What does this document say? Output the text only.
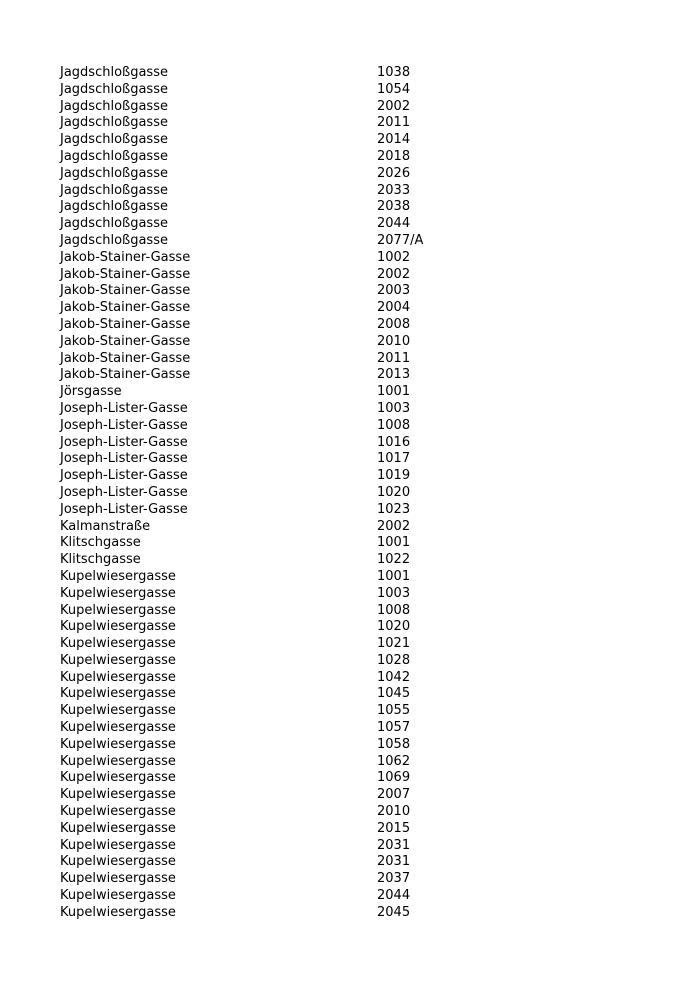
Jagdschloßgasse	1038
Jagdschloßgasse	1054
Jagdschloßgasse	2002
Jagdschloßgasse	2011
Jagdschloßgasse	2014
Jagdschloßgasse	2018
Jagdschloßgasse	2026
Jagdschloßgasse	2033
Jagdschloßgasse	2038
Jagdschloßgasse	2044
Jagdschloßgasse	2077/A
Jakob-Stainer-Gasse	1002
Jakob-Stainer-Gasse	2002
Jakob-Stainer-Gasse	2003
Jakob-Stainer-Gasse	2004
Jakob-Stainer-Gasse	2008
Jakob-Stainer-Gasse	2010
Jakob-Stainer-Gasse	2011
Jakob-Stainer-Gasse	2013
Jörsgasse	1001
Joseph-Lister-Gasse	1003
Joseph-Lister-Gasse	1008
Joseph-Lister-Gasse	1016
Joseph-Lister-Gasse	1017
Joseph-Lister-Gasse	1019
Joseph-Lister-Gasse	1020
Joseph-Lister-Gasse	1023
Kalmanstraße	2002
Klitschgasse	1001
Klitschgasse	1022
Kupelwiesergasse	1001
Kupelwiesergasse	1003
Kupelwiesergasse	1008
Kupelwiesergasse	1020
Kupelwiesergasse	1021
Kupelwiesergasse	1028
Kupelwiesergasse	1042
Kupelwiesergasse	1045
Kupelwiesergasse	1055
Kupelwiesergasse	1057
Kupelwiesergasse	1058
Kupelwiesergasse	1062
Kupelwiesergasse	1069
Kupelwiesergasse	2007
Kupelwiesergasse	2010
Kupelwiesergasse	2015
Kupelwiesergasse	2031
Kupelwiesergasse	2031
Kupelwiesergasse	2037
Kupelwiesergasse	2044
Kupelwiesergasse	2045
